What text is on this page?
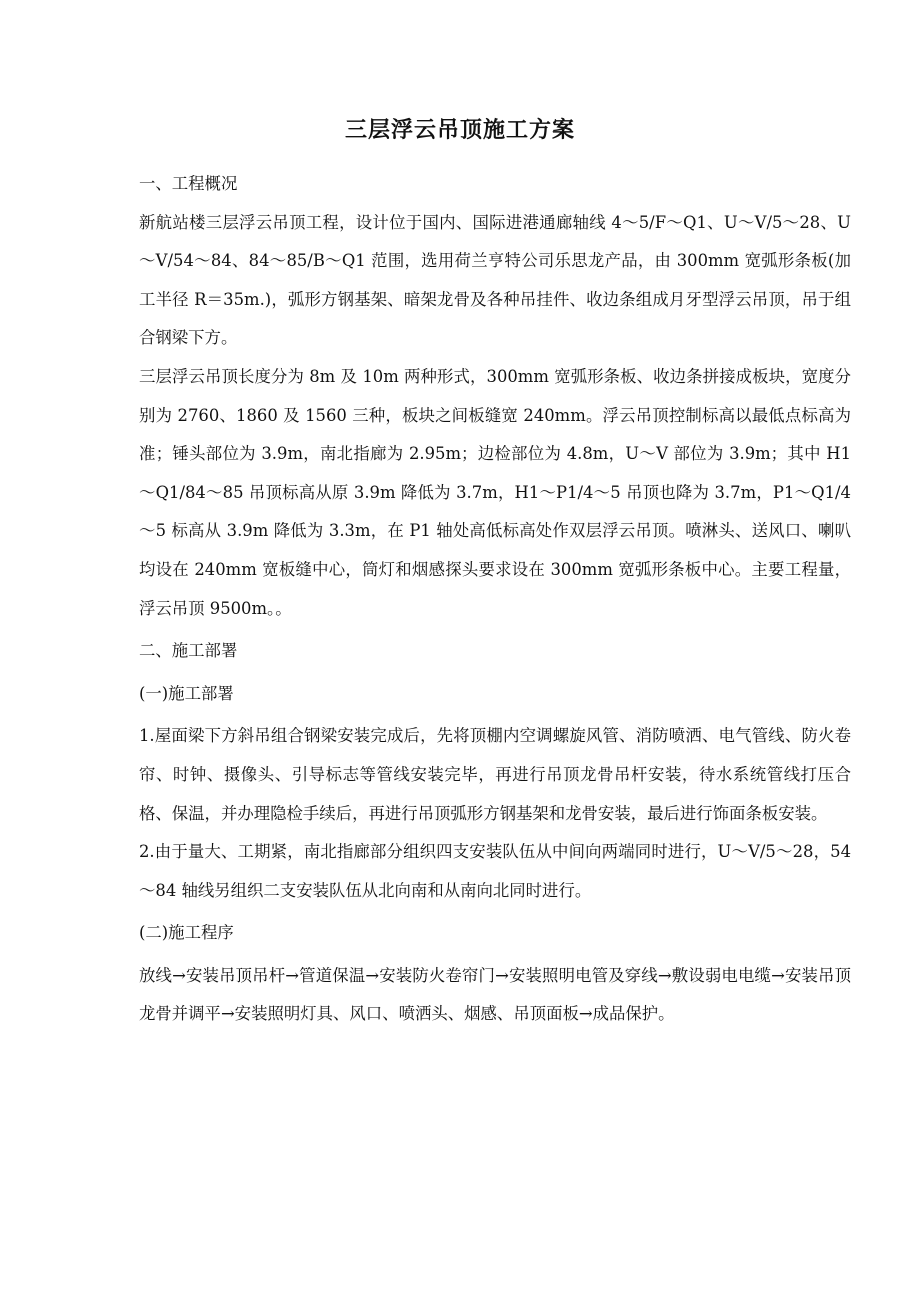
三层浮云吊顶施工方案

一、工程概况

新航站楼三层浮云吊顶工程，设计位于国内、国际进港通廊轴线 4～5/F～Q1、U～V/5～28、U～V/54～84、84～85/B～Q1 范围，选用荷兰亨特公司乐思龙产品，由 300mm 宽弧形条板(加工半径 R＝35m.)，弧形方钢基架、暗架龙骨及各种吊挂件、收边条组成月牙型浮云吊顶，吊于组合钢梁下方。

三层浮云吊顶长度分为 8m 及 10m 两种形式，300mm 宽弧形条板、收边条拼接成板块，宽度分别为 2760、1860 及 1560 三种，板块之间板缝宽 240mm。浮云吊顶控制标高以最低点标高为准；锤头部位为 3.9m，南北指廊为 2.95m；边检部位为 4.8m，U～V 部位为 3.9m；其中 H1～Q1/84～85 吊顶标高从原 3.9m 降低为 3.7m，H1～P1/4～5 吊顶也降为 3.7m，P1～Q1/4～5 标高从 3.9m 降低为 3.3m，在 P1 轴处高低标高处作双层浮云吊顶。喷淋头、送风口、喇叭均设在 240mm 宽板缝中心，筒灯和烟感探头要求设在 300mm 宽弧形条板中心。主要工程量，浮云吊顶 9500m。。

二、施工部署

(一)施工部署

1.屋面梁下方斜吊组合钢梁安装完成后，先将顶棚内空调螺旋风管、消防喷洒、电气管线、防火卷帘、时钟、摄像头、引导标志等管线安装完毕，再进行吊顶龙骨吊杆安装，待水系统管线打压合格、保温，并办理隐检手续后，再进行吊顶弧形方钢基架和龙骨安装，最后进行饰面条板安装。

2.由于量大、工期紧，南北指廊部分组织四支安装队伍从中间向两端同时进行，U～V/5～28，54～84 轴线另组织二支安装队伍从北向南和从南向北同时进行。

(二)施工程序

放线→安装吊顶吊杆→管道保温→安装防火卷帘门→安装照明电管及穿线→敷设弱电电缆→安装吊顶龙骨并调平→安装照明灯具、风口、喷洒头、烟感、吊顶面板→成品保护。
